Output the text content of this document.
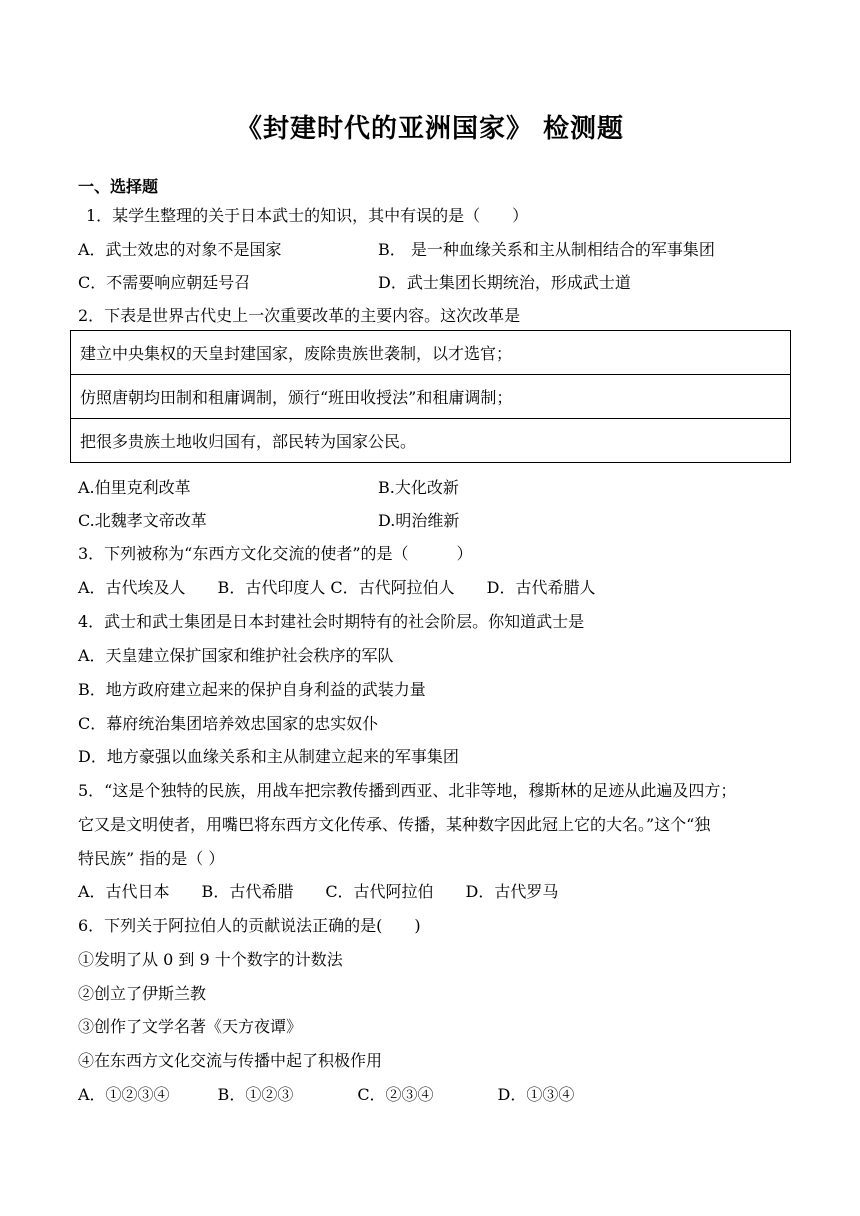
《封建时代的亚洲国家》 检测题
一、选择题
1．某学生整理的关于日本武士的知识，其中有误的是（　　）
A．武士效忠的对象不是国家	B． 是一种血缘关系和主从制相结合的军事集团
C．不需要响应朝廷号召	D．武士集团长期统治，形成武士道
2．下表是世界古代史上一次重要改革的主要内容。这次改革是
建立中央集权的天皇封建国家，废除贵族世袭制，以才选官；
仿照唐朝均田制和租庸调制，颁行“班田收授法”和租庸调制；
把很多贵族土地收归国有，部民转为国家公民。
A.伯里克利改革	B.大化改新
C.北魏孝文帝改革	D.明治维新
3．下列被称为“东西方文化交流的使者”的是（　　　）
A．古代埃及人　　B．古代印度人 C．古代阿拉伯人　　D．古代希腊人
4．武士和武士集团是日本封建社会时期特有的社会阶层。你知道武士是
A．天皇建立保扩国家和维护社会秩序的军队
B．地方政府建立起来的保护自身利益的武装力量
C．幕府统治集团培养效忠国家的忠实奴仆
D．地方豪强以血缘关系和主从制建立起来的军事集团
5．“这是个独特的民族，用战车把宗教传播到西亚、北非等地，穆斯林的足迹从此遍及四方；
它又是文明使者，用嘴巴将东西方文化传承、传播，某种数字因此冠上它的大名。”这个“独
特民族” 指的是（ ）
A．古代日本　　B．古代希腊　　C．古代阿拉伯　　D．古代罗马
6．下列关于阿拉伯人的贡献说法正确的是(　　)
①发明了从 0 到 9 十个数字的计数法
②创立了伊斯兰教
③创作了文学名著《天方夜谭》
④在东西方文化交流与传播中起了积极作用
A．①②③④　　　B．①②③　　　　C．②③④　　　　D．①③④
